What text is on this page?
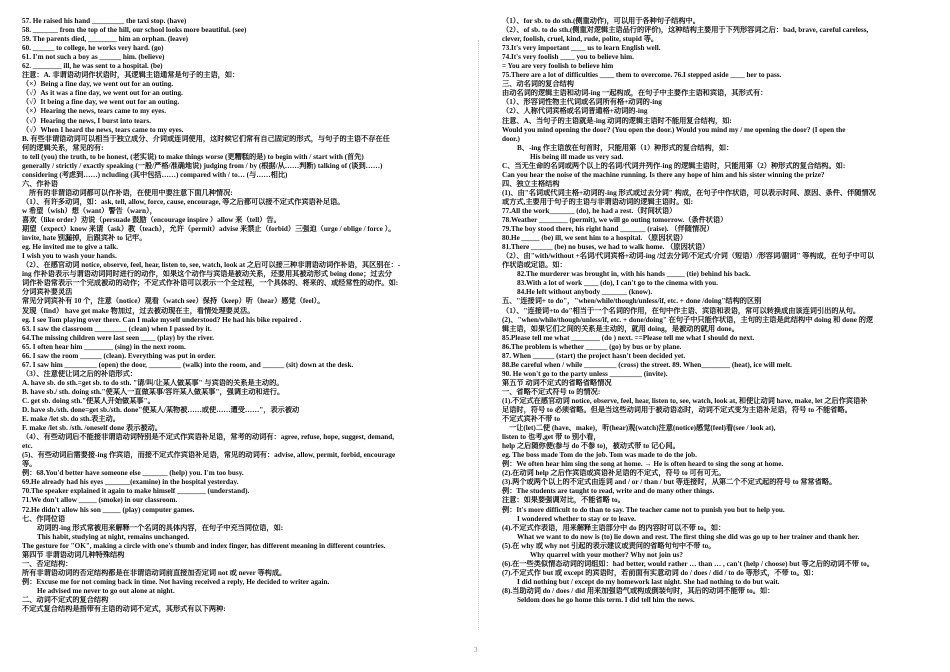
57. He raised his hand _________ the taxi stop. (have)

58. _______ from the top of the hill, our school looks more beautiful. (see)

59. The parents died, ________ him an orphan. (leave)

60. ______ to college, he works very hard. (go)

61. I'm not such a boy as ______ him. (believe)

62. ________ ill, he was sent to a hospital. (be)

注意：A. 非谓语动词作状语时，其逻辑主语通常是句子的主语，如：

（×）Being a fine day, we went out for an outing.

（√）As it was a fine day, we went out for an outing.

（√）It being a fine day, we went out for an outing.

（×）Hearing the news, tears came to my eyes.

（√）Hearing the news, I burst into tears.

（√）When I heard the news, tears came to my eyes.

B. 有些非谓语动词可以相当于独立成分、介词或连词使用，这时候它们常有自己固定的形式，与句子的主语不存在任

何的逻辑关系，常见的有:

to tell (you) the truth, to be honest, (老实说) to make things worse (更糟糕的是) to begin with / start with (首先)

generally / strictly / exactly speaking (一般/严格/准确地说) judging from / by (根据/从……判断) talking of (谈到……)

considering (考虑到……) ncluding (其中包括……) compared with / to… (与……相比)

六、作补语

所有的非谓语动词都可以作补语，在使用中要注意下面几种情况:

（1）、有许多动词，如：ask, tell, allow, force, cause, encourage, 等之后都可以接不定式作宾语补足语。

w 希望（wish）想（want）警告（warn），

喜欢（like order）劝说（persuade 鼓励（encourage inspire ）allow 来（tell）告。

期望（expect）know 来请（ask）教（teach），允许（permit）advise 来禁止（forbid）三强迫（urge / oblige / force ）。

invite, hate 别漏掉，后跟宾补 to 记牢。

eg. He invited me to give a talk.

I wish you to wash your hands.

（2）、在感官动词 notice, observe, feel, hear, listen to, see, watch, look at 之后可以接三种非谓语动词作补语，其区别在：-

ing 作补语表示与谓语动词同时进行的动作，如果这个动作与宾语是被动关系，还要用其被动形式 being done；过去分

词作补语常表示一个完成被动的动作；不定式作补语可以表示一个全过程，一个具体的、将来的、或经常性的动作。如:

分词宾补要灵活

常见分词宾补有 10 个，注意（notice）观看（watch see）保持（keep）听（hear）感觉（feel）。

发现（find） have get make 物加过，过去被动现在主，看情处理要灵活。

eg. I see Tom playing over there. Can I make myself understood? He had his bike repaired .

63. I saw the classroom _________ (clean) when I passed by it.

64.The missing children were last seen ____ (play) by the river.

65. I often hear him ________ (sing) in the next room.

66. I saw the room ______ (clean). Everything was put in order.

67. I saw him _________ (open) the door, _________ (walk) into the room, and ______ (sit) down at the desk.

（3）、注意使让词之后的补语形式：

A. have sb. do sth.=get sb. to do sth. "请/叫/让某人做某事" 与宾语的关系是主动的。

B. have sb./ sth. doing sth."使某人一直做某事/容许某人做某事"，强调主动和进行。

C. get sb. doing sth."使某人开始做某事"。

D. have sb./sth. done=get sb./sth. done"使某人/某物被……或使……遭受……"，表示被动

E. make /let sb. do sth.表主动。

F. make /let sb. /sth. /oneself done 表示被动。

（4）、有些动词后不能接非谓语动词特别是不定式作宾语补足语，常考的动词有：agree, refuse, hope, suggest, demand,

etc.

(5)、有些动词后需要接-ing 作宾语，而接不定式作宾语补足语，常见的动词有：advise, allow, permit, forbid, encourage

等。

例：68.You'd better have someone else _______ (help) you. I'm too busy.

69.He already had his eyes _______(examine) in the hospital yesterday.

70.The speaker explained it again to make himself ________ (understand).

71.We don't allow _____ (smoke) in our classroom.

72.He didn't allow his son _____ (play) computer games.

七、作同位语

动词的-ing 形式常被用来解释一个名词的具体内容，在句子中充当同位语，如:

This habit, studying at night, remains unchanged.

The gesture for "OK", making a circle with one's thumb and index finger, has different meaning in different countries.

第四节 非谓语动词几种特殊结构

一、否定结构：

所有非谓语动词的否定结构都是在非谓语动词前直接加否定词 not 或 never 等构成。

例：Excuse me for not coming back in time. Not having received a reply, He decided to writer again.

He advised me never to go out alone at night.

二、动词不定式的复合结构

不定式复合结构是指带有主语的动词不定式，其形式有以下两种:

（1）、for sb. to do sth.(侧重动作)，可以用于各种句子结构中。

（2）、of sb. to do sth.(侧重对逻辑主语品行的评价)，这种结构主要用于下列形容词之后：bad, brave, careful careless,

clever, foolish, cruel, kind, rude, polite, stupid 等。

73.It's very important ____ us to learn English well.

74.It's very foolish ____ you to believe him.

= You are very foolish to believe him

75.There are a lot of difficulties ____ them to overcome. 76.I stepped aside ____ her to pass.

三、动名词的复合结构

由动名词的逻辑主语和动词-ing 一起构成，在句子中主要作主语和宾语，其形式有：

（1）、形容词性物主代词或名词所有格+动词的-ing

（2）、人称代词宾格或名词普通格+动词的-ing

注意、A、当句子的主语就是-ing 动词的逻辑主语时不能用复合结构，如:

Would you mind opening the door? (You open the door.) Would you mind my / me opening the door? (I open the

door.)

B、-ing 作主语放在句首时，只能用第（1）种形式的复合结构，如：

His being ill made us very sad.

C、当无生命的名词或两个以上的名词/代词并列作-ing 的逻辑主语时，只能用第（2）种形式的复合结构。如:

Can you hear the noise of the machine running. Is there any hope of him and his sister winning the prize?

四、独立主格结构

(1)、由"名词或代词主格+动词的-ing 形式或过去分词" 构成，在句子中作状语，可以表示时间、原因、条件、伴随情况

或方式,主要用于句子的主语与非谓语动词的逻辑主语时。如:

77.All the work_______ (do), he had a rest.（时间状语）

78.Weather ________ (permit), we will go outing tomorrow.（条件状语）

79.The boy stood there, his right hand _______ (raise). （伴随情况）

80.He _____ (be) ill, we sent him to a hospital. （原因状语）

81.There ______ (be) no buses, we had to walk home. （原因状语）

（2）、由"with/without +名词/代词宾格+动词-ing /过去分词/不定式/介词（短语）/形容词/副词" 等构成，在句子中可以

作状语或定语。如：

82.The murderer was brought in, with his hands _____ (tie) behind his back.

83.With a lot of work ____ (do), I can't go to the cinema with you.

84.He left without anybody _______ (know).

五、"连接词+ to do"，"when/while/though/unless/if, etc. + done /doing"结构的区别

（1）、"连接词+to do"相当于一个名词的作用，在句中作主语、宾语和表语，常可以转换成由该连词引出的从句。

(2)、"when/while/though/unless/if, etc. + done/doing" 在句子中只能作状语，主句的主语是此结构中 doing 和 done 的逻

辑主语，如果它们之间的关系是主动的，就用 doing，是被动的就用 done。

85.Please tell me what ________ (do ) next. ==Please tell me what I should do next.

86.The problem is whether ______ (go) by bus or by plane.

87. When ______ (start) the project hasn't been decided yet.

88.Be careful when / while _________ (cross) the street. 89. When________ (heat), ice will melt.

90. He won't go to the party unless _________ (invite).

第五节 动词不定式的省略省略情况

一、省略不定式符号 to 的情况:

(1).不定式在感官动词 notice, observe, feel, hear, listen to, see, watch, look at, 和使让动词 have, make, let 之后作宾语补

足语时，符号 to 必须省略。但是当这些动词用于被动语态时，动词不定式变为主语补足语，符号 to 不能省略。

不定式宾补不带 to

一让(let)二使 (have、make)，听(hear)观(watch)注意(notice)感觉(feel)看(see / look at),

listen to 也考,get 带 to 别小看，

help 之后随你便(参与 do 不参 to)，被动式带 to 记心间。

eg. The boss made Tom do the job. Tom was made to do the job.

例：We often hear him sing the song at home. → He is often heard to sing the song at home.

(2).在动词 help 之后作宾语或宾语补足语的不定式，符号 to 可有可无。

(3).两个或两个以上的不定式由连词 and / or / than / but 等连接时，从第二个不定式起的符号 to 常常省略。

例：The students are taught to read, write and do many other things.

注意：如果要强调对比，不能省略 to。

例：It's more difficult to do than to say. The teacher came not to punish you but to help you.

I wondered whether to stay or to leave.

(4).不定式作表语，用来解释主语部分中 do 的内容时可以不带 to。如：

What we want to do now is (to) lie down and rest. The first thing she did was go up to her trainer and thank her.

(5).在 why 或 why not 引起的表示建议或责问的省略句句中不带 to。

Why quarrel with your mother? Why not join us?

(6).在一些类似情态动词的词组如：had better, would rather … than … , can't (help / choose) but 等之后的动词不带 to。

(7).不定式作 but 或 except 的宾语时，若前面有实意动词 do / does / did / to do 等形式，不带 to。如：

I did nothing but / except do my homework last night. She had nothing to do but wait.

(8).当助动词 do / does / did 用来加强语气或构成倒装句时，其后的动词不能带 to。如：

Seldom does he go home this term. I did tell him the news.

3
